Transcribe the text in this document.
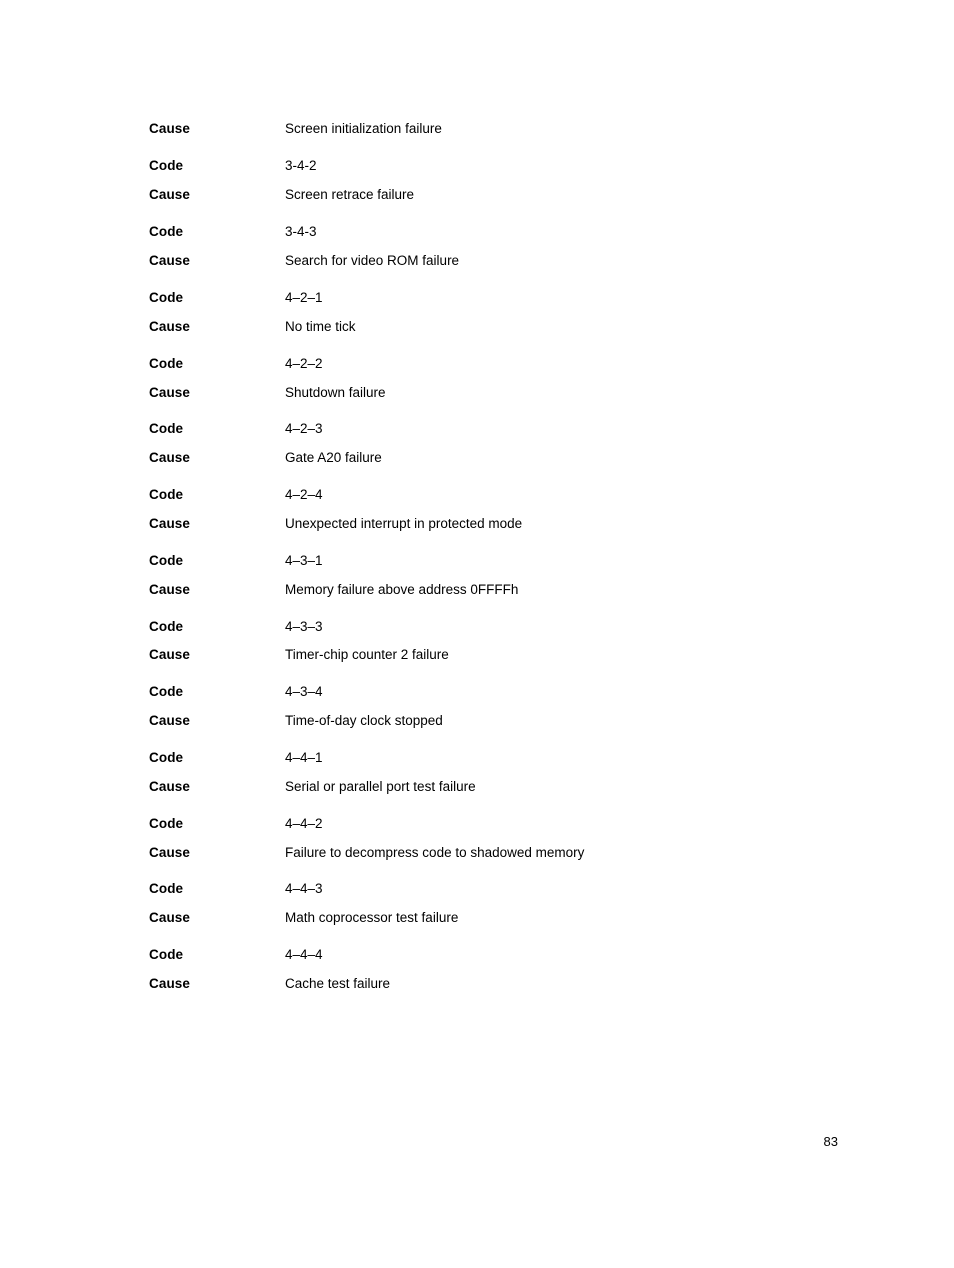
Cause	Screen initialization failure
Code	3-4-2
Cause	Screen retrace failure
Code	3-4-3
Cause	Search for video ROM failure
Code	4–2–1
Cause	No time tick
Code	4–2–2
Cause	Shutdown failure
Code	4–2–3
Cause	Gate A20 failure
Code	4–2–4
Cause	Unexpected interrupt in protected mode
Code	4–3–1
Cause	Memory failure above address 0FFFFh
Code	4–3–3
Cause	Timer-chip counter 2 failure
Code	4–3–4
Cause	Time-of-day clock stopped
Code	4–4–1
Cause	Serial or parallel port test failure
Code	4–4–2
Cause	Failure to decompress code to shadowed memory
Code	4–4–3
Cause	Math coprocessor test failure
Code	4–4–4
Cause	Cache test failure
83
